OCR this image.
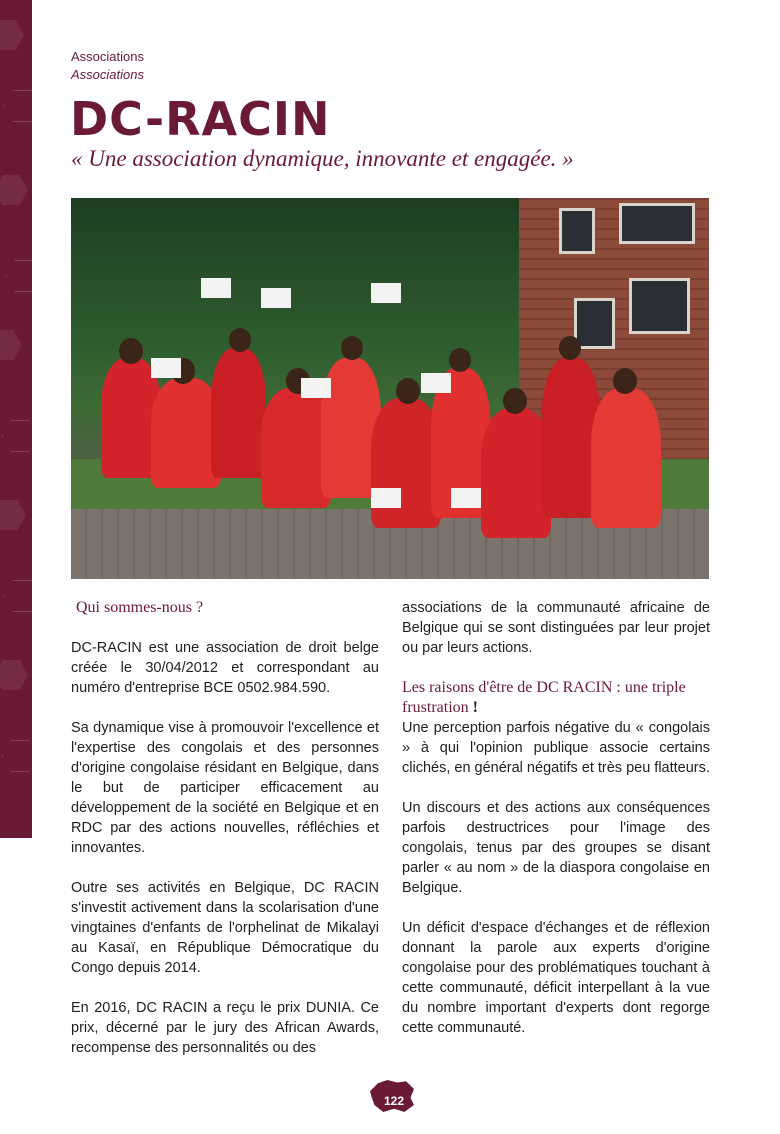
Associations
Associations
DC-RACIN

« Une association dynamique, innovante et engagée. »

Qui sommes-nous ?

DC-RACIN est une association de droit belge créée le 30/04/2012 et correspondant au numéro d'entreprise BCE 0502.984.590.

Sa dynamique vise à promouvoir l'excellence et l'expertise des congolais et des personnes d'origine congolaise résidant en Belgique, dans le but de participer efficacement au développement de la société en Belgique et en RDC par des actions nouvelles, réfléchies et innovantes.

Outre ses activités en Belgique, DC RACIN s'investit activement dans la scolarisation d'une vingtaines d'enfants de l'orphelinat de Mikalayi au Kasaï, en République Démocratique du Congo depuis 2014.

En 2016, DC RACIN a reçu le prix DUNIA. Ce prix, décerné par le jury des African Awards, recompense des personnalités ou des

associations de la communauté africaine de Belgique qui se sont distinguées par leur projet ou par leurs actions.

Les raisons d'être de DC RACIN : une triple frustration !

Une perception parfois négative du « congolais » à qui l'opinion publique associe certains clichés, en général négatifs et très peu flatteurs.

Un discours et des actions aux conséquences parfois destructrices pour l'image des congolais, tenus par des groupes se disant parler « au nom » de la diaspora congolaise en Belgique.

Un déficit d'espace d'échanges et de réflexion donnant la parole aux experts d'origine congolaise pour des problématiques touchant à cette communauté, déficit interpellant à la vue du nombre important d'experts dont regorge cette communauté.

122
